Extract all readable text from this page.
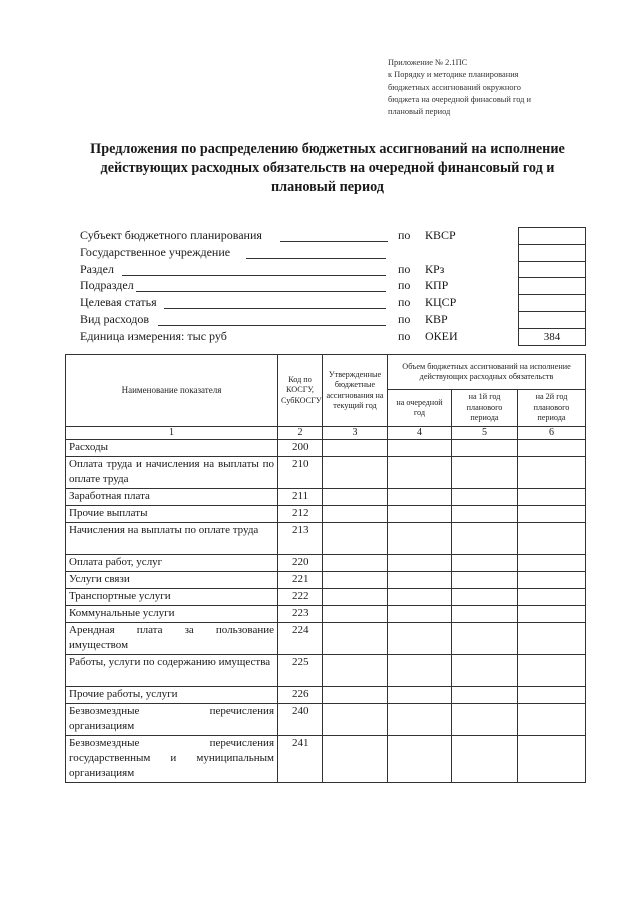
Приложение № 2.1ПС
к Порядку и методике планирования
бюджетных ассигнований окружного
бюджета на очередной финасовый год и
плановый период
Предложения по распределению бюджетных ассигнований на исполнение
действующих расходных обязательств на очередной финансовый год и
плановый период
Субъект бюджетного планирования	по КВСР
Государственное учреждение
Раздел	по КРз
Подраздел	по КПР
Целевая статья	по КЦСР
Вид расходов	по КВР
Единица измерения: тыс руб	по ОКЕИ	384
Наименование показателя	Код по КОСГУ, СубКОСГУ	Утвержденные бюджетные ассигнования на текущий год	Объем бюджетных ассигнований на исполнение действующих расходных обязательств		
			на очередной год	на 1й год планового периода	на 2й год планового периода
1	2	3	4	5	6
Расходы	200				
Оплата труда и начисления на выплаты по оплате труда	210				
Заработная плата	211				
Прочие выплаты	212				
Начисления на выплаты по оплате труда	213				
Оплата работ, услуг	220				
Услуги связи	221				
Транспортные услуги	222				
Коммунальные услуги	223				
Арендная плата за пользование имуществом	224				
Работы, услуги по содержанию имущества	225				
Прочие работы, услуги	226				
Безвозмездные перечисления организациям	240				
Безвозмездные перечисления государственным и муниципальным организациям	241				
